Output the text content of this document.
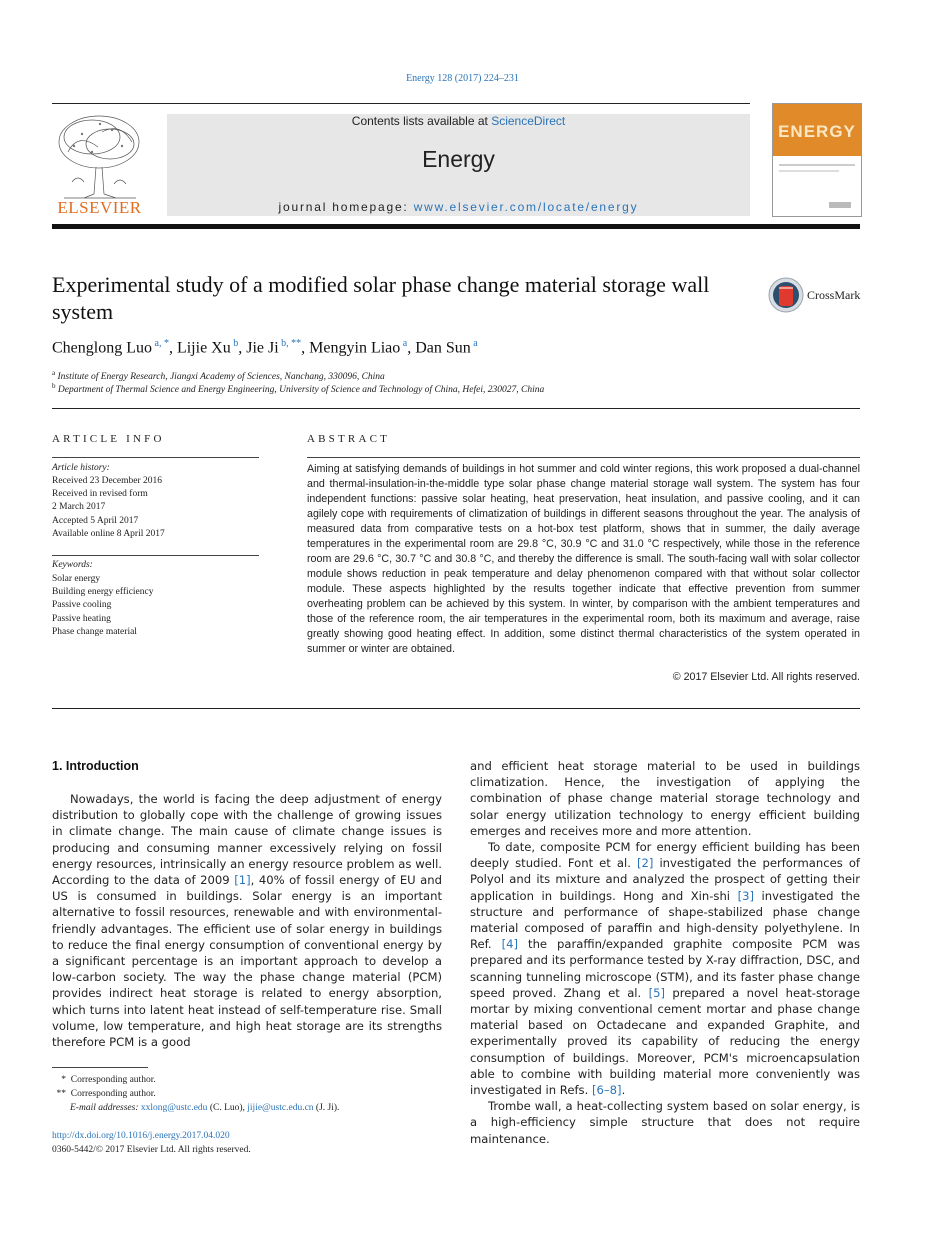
Energy 128 (2017) 224–231
ELSEVIER
Contents lists available at ScienceDirect
Energy
journal homepage: www.elsevier.com/locate/energy
ENERGY
Experimental study of a modified solar phase change material storage wall system
CrossMark
Chenglong Luo $^{a, *}$, Lijie Xu $^b$, Jie Ji $^{b, **}$, Mengyin Liao $^a$, Dan Sun $^a$
$^a$ Institute of Energy Research, Jiangxi Academy of Sciences, Nanchang, 330096, China
$^b$ Department of Thermal Science and Energy Engineering, University of Science and Technology of China, Hefei, 230027, China
ARTICLE INFO
Article history:
Received 23 December 2016
Received in revised form
2 March 2017
Accepted 5 April 2017
Available online 8 April 2017
Keywords:
Solar energy
Building energy efficiency
Passive cooling
Passive heating
Phase change material
ABSTRACT
Aiming at satisfying demands of buildings in hot summer and cold winter regions, this work proposed a dual-channel and thermal-insulation-in-the-middle type solar phase change material storage wall system. The system has four independent functions: passive solar heating, heat preservation, heat insulation, and passive cooling, and it can agilely cope with requirements of climatization of buildings in different seasons throughout the year. The analysis of measured data from comparative tests on a hot-box test platform, shows that in summer, the daily average temperatures in the experimental room are 29.8 °C, 30.9 °C and 31.0 °C respectively, while those in the reference room are 29.6 °C, 30.7 °C and 30.8 °C, and thereby the difference is small. The south-facing wall with solar collector module shows reduction in peak temperature and delay phenomenon compared with that without solar collector module. These aspects highlighted by the results together indicate that effective prevention from summer overheating problem can be achieved by this system. In winter, by comparison with the ambient temperatures and those of the reference room, the air temperatures in the experimental room, both its maximum and average, raise greatly showing good heating effect. In addition, some distinct thermal characteristics of the system operated in summer or winter are obtained.
© 2017 Elsevier Ltd. All rights reserved.
1. Introduction

Nowadays, the world is facing the deep adjustment of energy distribution to globally cope with the challenge of growing issues in climate change. The main cause of climate change issues is producing and consuming manner excessively relying on fossil energy resources, intrinsically an energy resource problem as well. According to the data of 2009 [1], 40% of fossil energy of EU and US is consumed in buildings. Solar energy is an important alternative to fossil resources, renewable and with environmental-friendly advantages. The efficient use of solar energy in buildings to reduce the final energy consumption of conventional energy by a significant percentage is an important approach to develop a low-carbon society. The way the phase change material (PCM) provides indirect heat storage is related to energy absorption, which turns into latent heat instead of self-temperature rise. Small volume, low temperature, and high heat storage are its strengths therefore PCM is a good

and efficient heat storage material to be used in buildings climatization. Hence, the investigation of applying the combination of phase change material storage technology and solar energy utilization technology to energy efficient building emerges and receives more and more attention.

To date, composite PCM for energy efficient building has been deeply studied. Font et al. [2] investigated the performances of Polyol and its mixture and analyzed the prospect of getting their application in buildings. Hong and Xin-shi [3] investigated the structure and performance of shape-stabilized phase change material composed of paraffin and high-density polyethylene. In Ref. [4] the paraffin/expanded graphite composite PCM was prepared and its performance tested by X-ray diffraction, DSC, and scanning tunneling microscope (STM), and its faster phase change speed proved. Zhang et al. [5] prepared a novel heat-storage mortar by mixing conventional cement mortar and phase change material based on Octadecane and expanded Graphite, and experimentally proved its capability of reducing the energy consumption of buildings. Moreover, PCM's microencapsulation able to combine with building material more conveniently was investigated in Refs. [6–8].

Trombe wall, a heat-collecting system based on solar energy, is a high-efficiency simple structure that does not require maintenance.

* Corresponding author.
** Corresponding author.
E-mail addresses: xxlong@ustc.edu (C. Luo), jijie@ustc.edu.cn (J. Ji).
http://dx.doi.org/10.1016/j.energy.2017.04.020
0360-5442/© 2017 Elsevier Ltd. All rights reserved.
